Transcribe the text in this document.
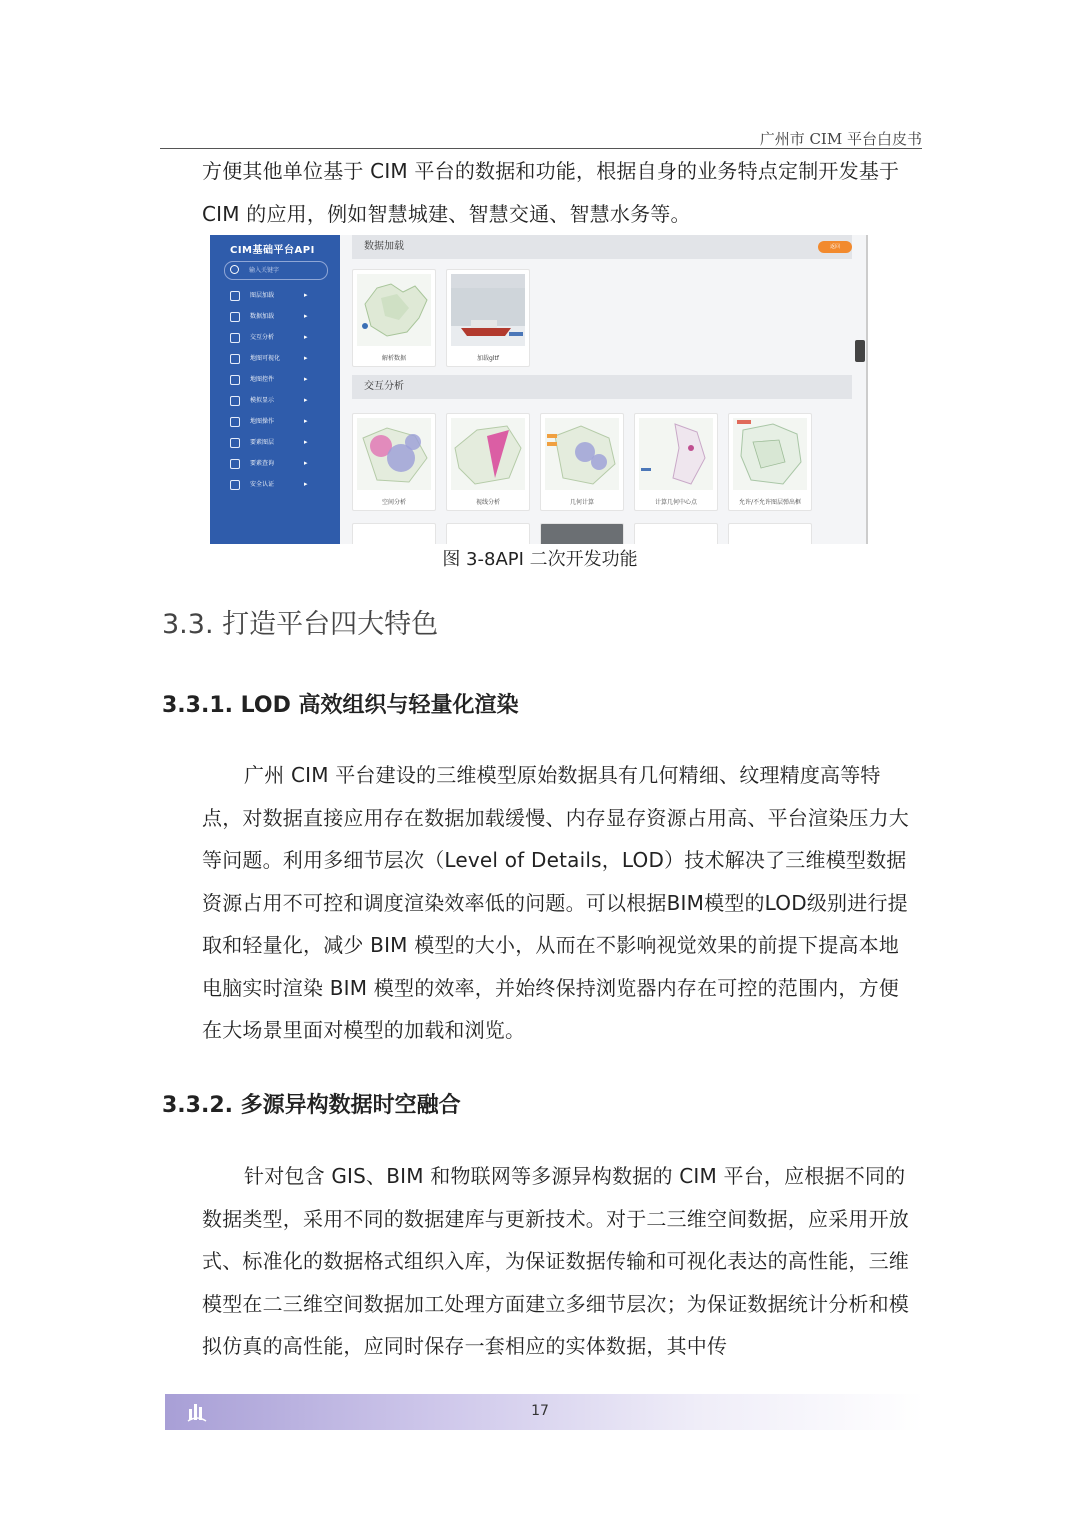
广州市 CIM 平台白皮书

方便其他单位基于 CIM 平台的数据和功能，根据自身的业务特点定制开发基于 CIM 的应用，例如智慧城建、智慧交通、智慧水务等。

CIM基础平台API
输入关键字
图层加载	▸
数据加载	▸
交互分析	▸
地图可视化	▸
地图控件	▸
模拟显示	▸
地图操作	▸
要素图层	▸
要素查询	▸
安全认证	▸
数据加载	返回
解析数据	加载gltf
交互分析
空间分析	视线分析	几何计算	计算几何中心点	允许/不允许图层弹出框
图 3-8API 二次开发功能
3.3. 打造平台四大特色
3.3.1. LOD 高效组织与轻量化渲染

广州 CIM 平台建设的三维模型原始数据具有几何精细、纹理精度高等特点，对数据直接应用存在数据加载缓慢、内存显存资源占用高、平台渲染压力大等问题。利用多细节层次（Level of Details，LOD）技术解决了三维模型数据资源占用不可控和调度渲染效率低的问题。可以根据BIM模型的LOD级别进行提取和轻量化，减少 BIM 模型的大小，从而在不影响视觉效果的前提下提高本地电脑实时渲染 BIM 模型的效率，并始终保持浏览器内存在可控的范围内，方便在大场景里面对模型的加载和浏览。

3.3.2. 多源异构数据时空融合

针对包含 GIS、BIM 和物联网等多源异构数据的 CIM 平台，应根据不同的数据类型，采用不同的数据建库与更新技术。对于二三维空间数据，应采用开放式、标准化的数据格式组织入库，为保证数据传输和可视化表达的高性能，三维模型在二三维空间数据加工处理方面建立多细节层次；为保证数据统计分析和模拟仿真的高性能，应同时保存一套相应的实体数据，其中传

17
